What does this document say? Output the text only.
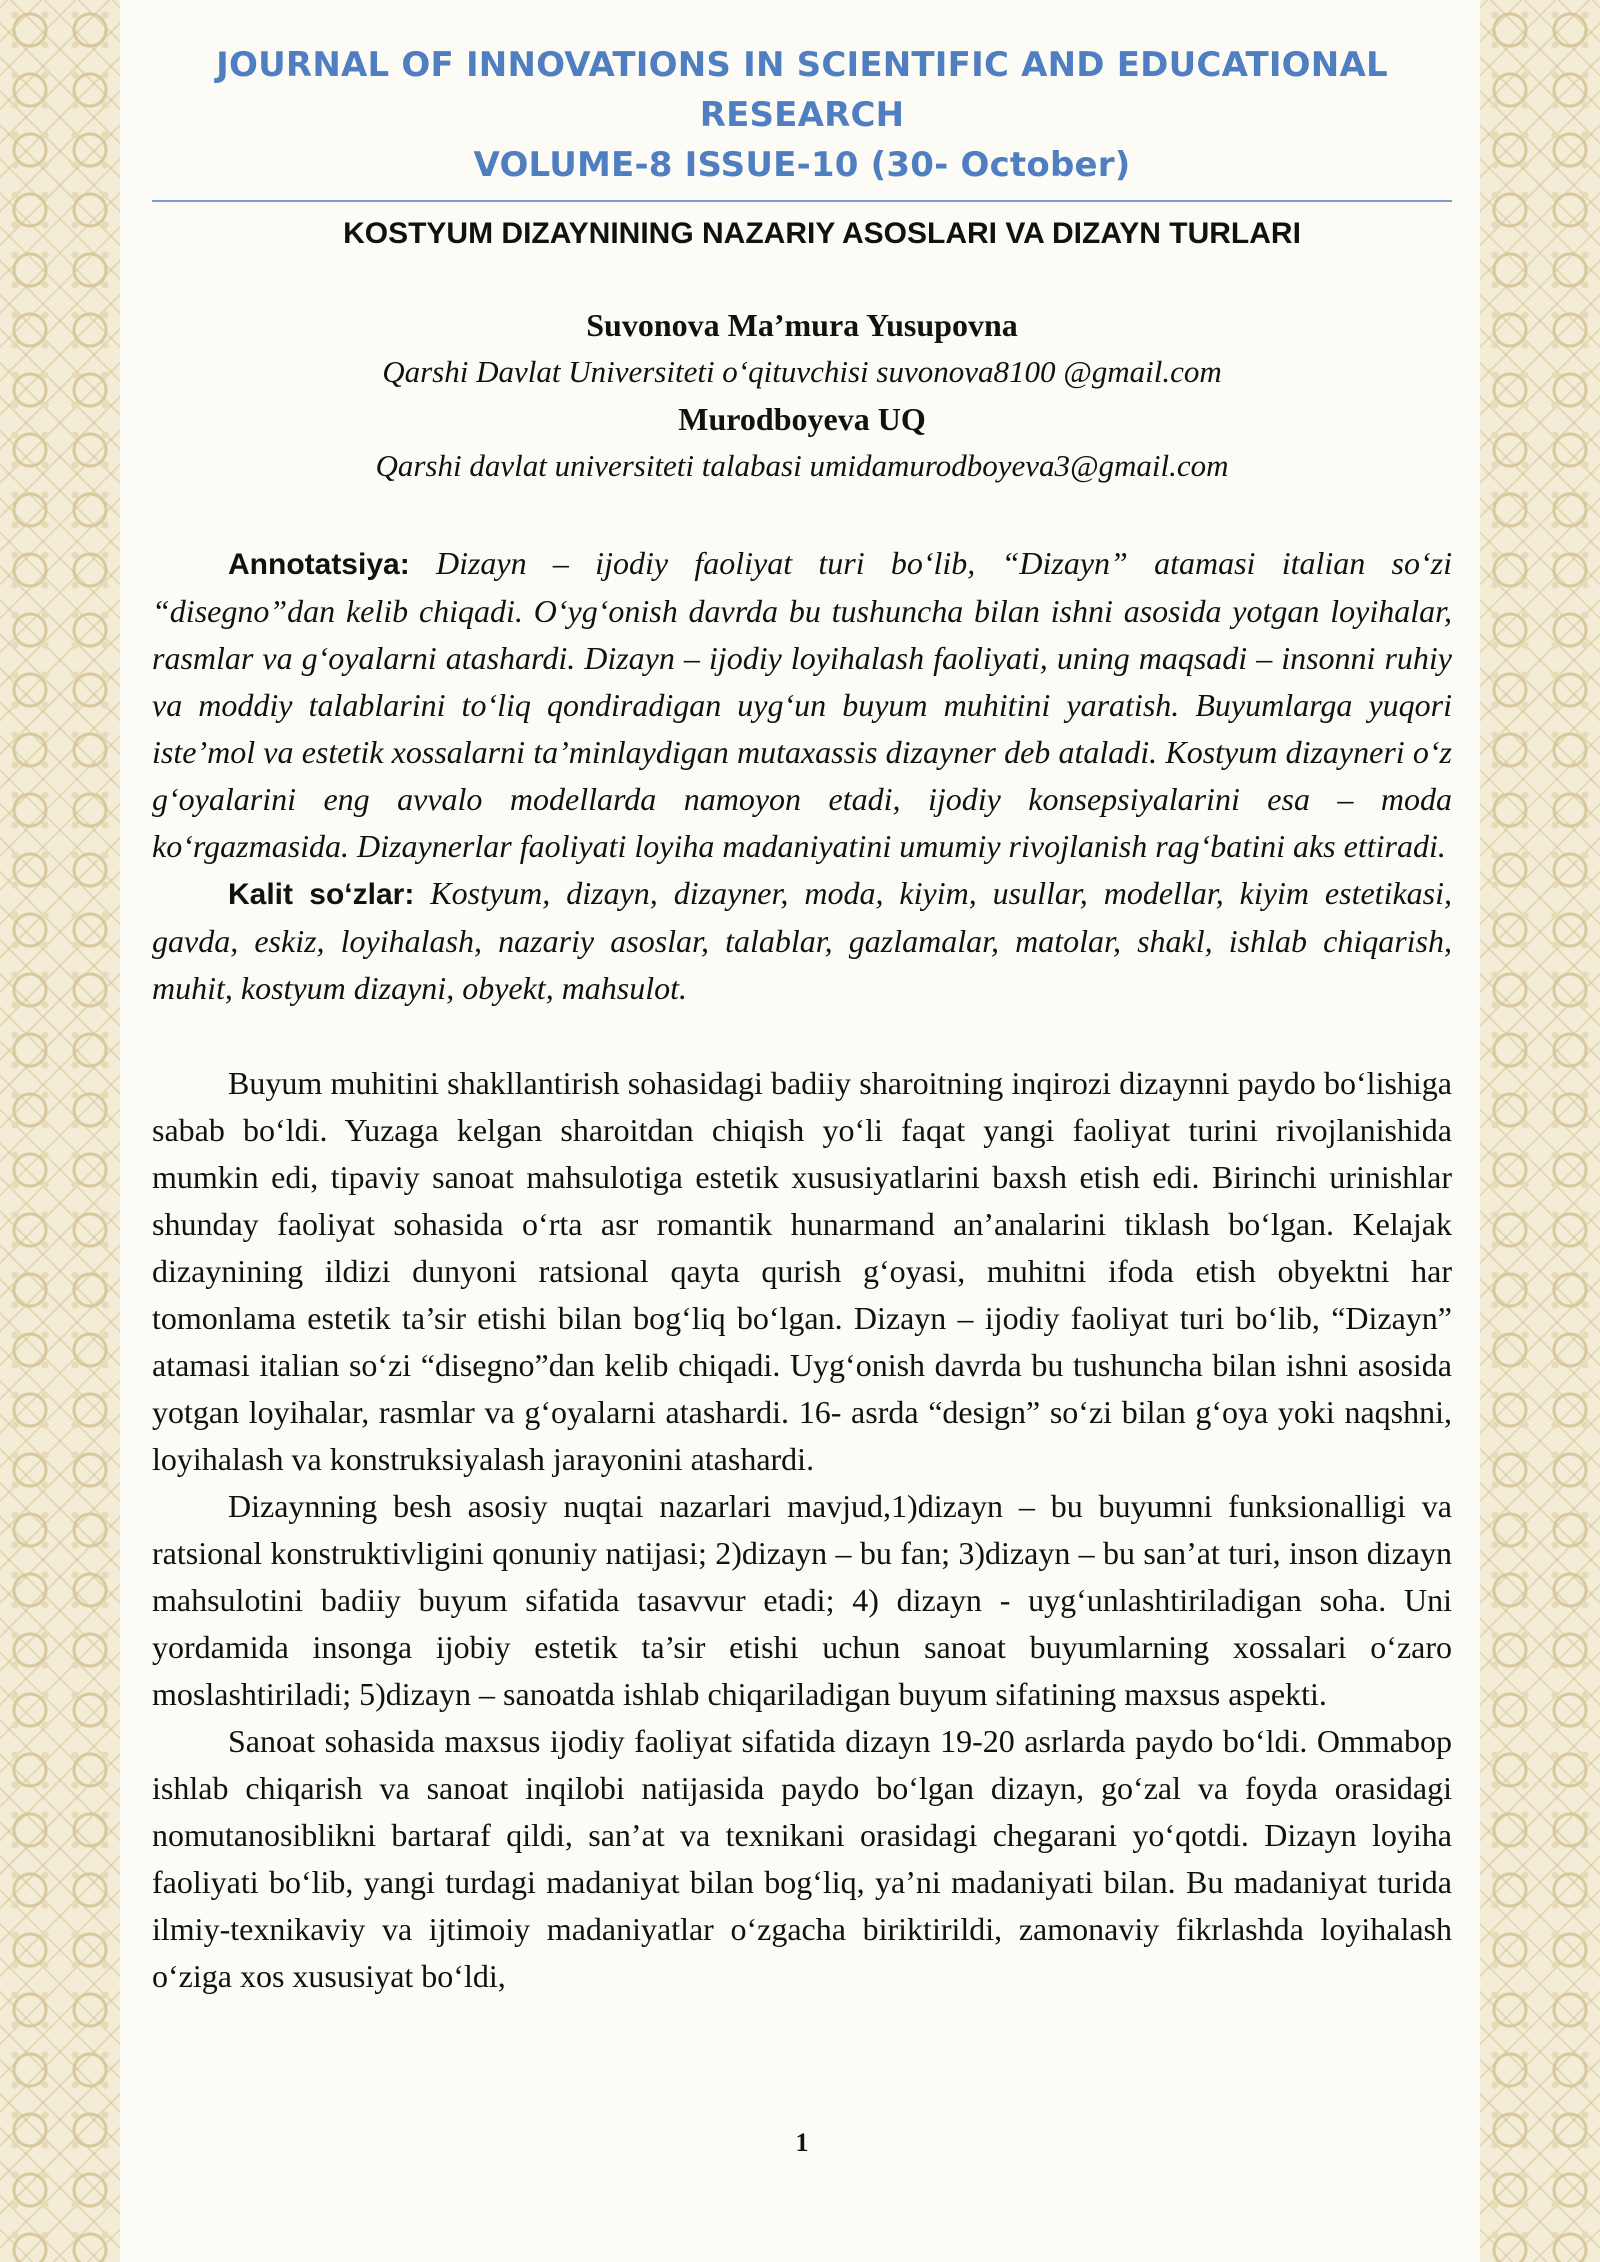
JOURNAL OF INNOVATIONS IN SCIENTIFIC AND EDUCATIONAL RESEARCH
VOLUME-8 ISSUE-10 (30- October)
KOSTYUM DIZAYNINING NAZARIY ASOSLARI VA DIZAYN TURLARI
Suvonova Ma’mura Yusupovna
Qarshi Davlat Universiteti o‘qituvchisi suvonova8100 @gmail.com
Murodboyeva UQ
Qarshi davlat universiteti talabasi umidamurodboyeva3@gmail.com

Annotatsiya: Dizayn – ijodiy faoliyat turi bo‘lib, “Dizayn” atamasi italian so‘zi “disegno”dan kelib chiqadi. O‘yg‘onish davrda bu tushuncha bilan ishni asosida yotgan loyihalar, rasmlar va g‘oyalarni atashardi. Dizayn – ijodiy loyihalash faoliyati, uning maqsadi – insonni ruhiy va moddiy talablarini to‘liq qondiradigan uyg‘un buyum muhitini yaratish. Buyumlarga yuqori iste’mol va estetik xossalarni ta’minlaydigan mutaxassis dizayner deb ataladi. Kostyum dizayneri o‘z g‘oyalarini eng avvalo modellarda namoyon etadi, ijodiy konsepsiyalarini esa – moda ko‘rgazmasida. Dizaynerlar faoliyati loyiha madaniyatini umumiy rivojlanish rag‘batini aks ettiradi.

Kalit so‘zlar: Kostyum, dizayn, dizayner, moda, kiyim, usullar, modellar, kiyim estetikasi, gavda, eskiz, loyihalash, nazariy asoslar, talablar, gazlamalar, matolar, shakl, ishlab chiqarish, muhit, kostyum dizayni, obyekt, mahsulot.

Buyum muhitini shakllantirish sohasidagi badiiy sharoitning inqirozi dizaynni paydo bo‘lishiga sabab bo‘ldi. Yuzaga kelgan sharoitdan chiqish yo‘li faqat yangi faoliyat turini rivojlanishida mumkin edi, tipaviy sanoat mahsulotiga estetik xususiyatlarini baxsh etish edi. Birinchi urinishlar shunday faoliyat sohasida o‘rta asr romantik hunarmand an’analarini tiklash bo‘lgan. Kelajak dizaynining ildizi dunyoni ratsional qayta qurish g‘oyasi, muhitni ifoda etish obyektni har tomonlama estetik ta’sir etishi bilan bog‘liq bo‘lgan. Dizayn – ijodiy faoliyat turi bo‘lib, “Dizayn” atamasi italian so‘zi “disegno”dan kelib chiqadi. Uyg‘onish davrda bu tushuncha bilan ishni asosida yotgan loyihalar, rasmlar va g‘oyalarni atashardi. 16- asrda “design” so‘zi bilan g‘oya yoki naqshni, loyihalash va konstruksiyalash jarayonini atashardi.

Dizaynning besh asosiy nuqtai nazarlari mavjud,1)dizayn – bu buyumni funksionalligi va ratsional konstruktivligini qonuniy natijasi; 2)dizayn – bu fan; 3)dizayn – bu san’at turi, inson dizayn mahsulotini badiiy buyum sifatida tasavvur etadi; 4) dizayn - uyg‘unlashtiriladigan soha. Uni yordamida insonga ijobiy estetik ta’sir etishi uchun sanoat buyumlarning xossalari o‘zaro moslashtiriladi; 5)dizayn – sanoatda ishlab chiqariladigan buyum sifatining maxsus aspekti.

Sanoat sohasida maxsus ijodiy faoliyat sifatida dizayn 19-20 asrlarda paydo bo‘ldi. Ommabop ishlab chiqarish va sanoat inqilobi natijasida paydo bo‘lgan dizayn, go‘zal va foyda orasidagi nomutanosiblikni bartaraf qildi, san’at va texnikani orasidagi chegarani yo‘qotdi. Dizayn loyiha faoliyati bo‘lib, yangi turdagi madaniyat bilan bog‘liq, ya’ni madaniyati bilan. Bu madaniyat turida ilmiy-texnikaviy va ijtimoiy madaniyatlar o‘zgacha biriktirildi, zamonaviy fikrlashda loyihalash o‘ziga xos xususiyat bo‘ldi,

1
